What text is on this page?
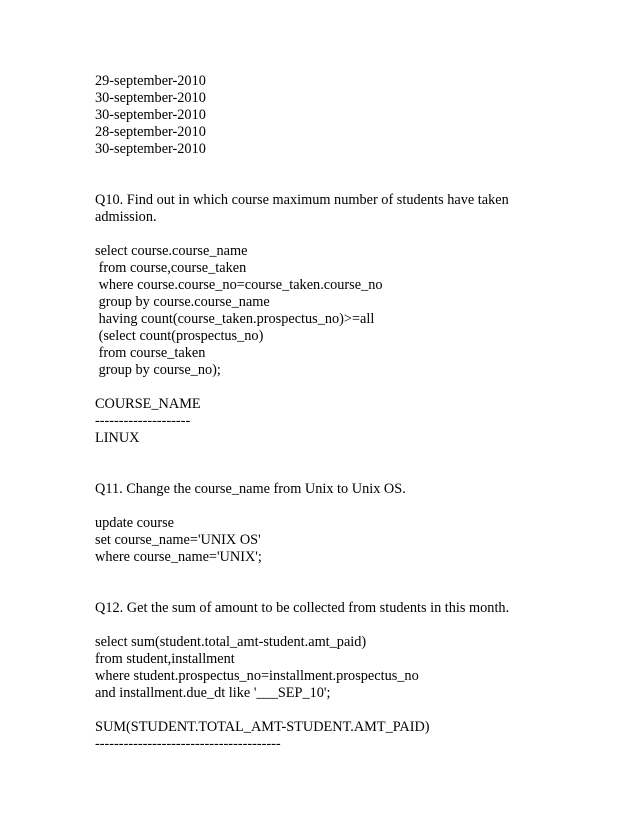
29-september-2010
30-september-2010
30-september-2010
28-september-2010
30-september-2010
Q10. Find out in which course maximum number of students have taken
admission.
select course.course_name
from course,course_taken
where course.course_no=course_taken.course_no
group by course.course_name
having count(course_taken.prospectus_no)>=all
(select count(prospectus_no)
from course_taken
group by course_no);
COURSE_NAME
--------------------
LINUX
Q11. Change the course_name from Unix to Unix OS.
update course
set course_name='UNIX OS'
where course_name='UNIX';
Q12. Get the sum of amount to be collected from students in this month.
select sum(student.total_amt-student.amt_paid)
from student,installment
where student.prospectus_no=installment.prospectus_no
and installment.due_dt like '___SEP_10';
SUM(STUDENT.TOTAL_AMT-STUDENT.AMT_PAID)
---------------------------------------
